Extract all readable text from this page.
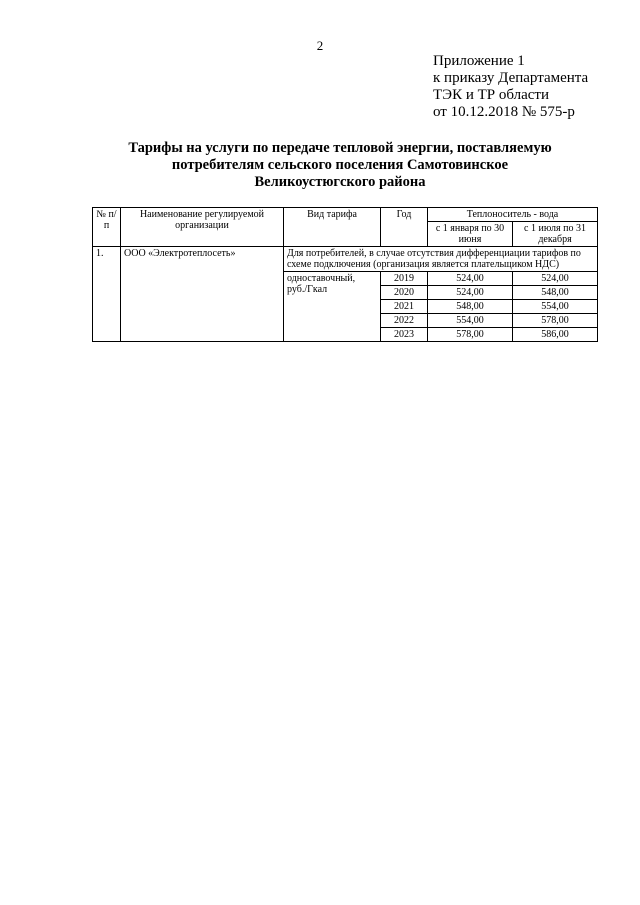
2
Приложение 1
к приказу Департамента
ТЭК и ТР области
от 10.12.2018 № 575-р
Тарифы на услуги по передаче тепловой энергии, поставляемую
потребителям сельского поселения Самотовинское
Великоустюгского района
№ п/п	Наименование регулируемой организации	Вид тарифа	Год	Теплоноситель - вода	
				с 1 января по 30 июня	с 1 июля по 31 декабря
1.	ООО «Электротеплосеть»	Для потребителей, в случае отсутствия дифференциации тарифов по схеме подключения (организация является плательщиком НДС)			
		одноставочный, руб./Гкал	2019	524,00	524,00
			2020	524,00	548,00
			2021	548,00	554,00
			2022	554,00	578,00
			2023	578,00	586,00
